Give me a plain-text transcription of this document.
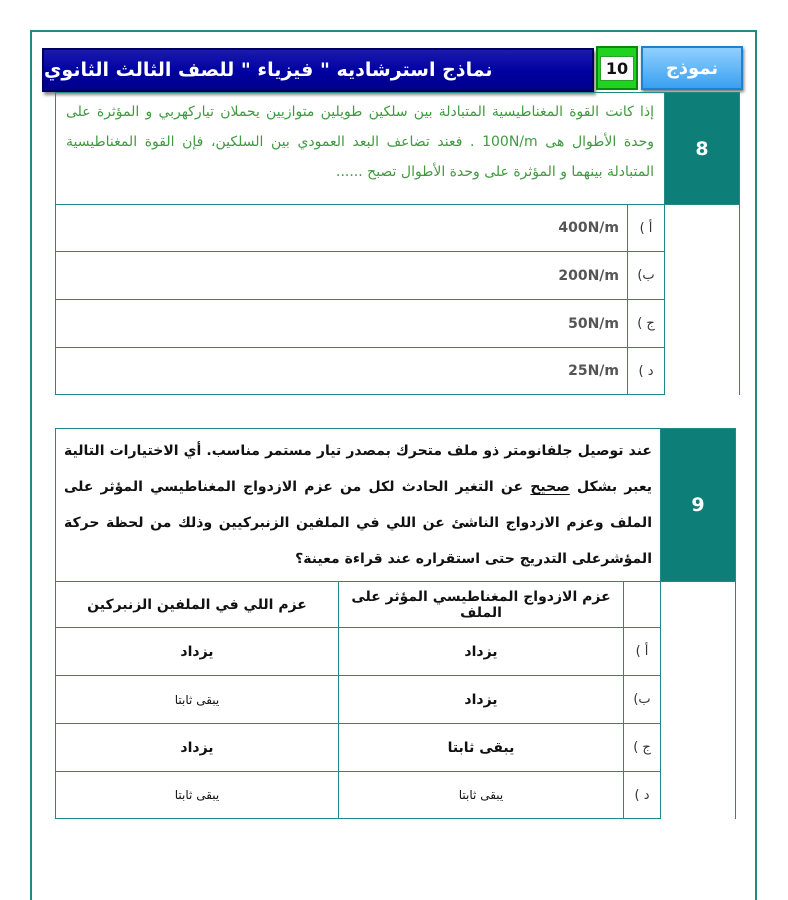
نماذج استرشاديه " فيزياء " للصف الثالث الثانوي	10	نموذج
8	إذا كانت القوة المغناطيسية المتبادلة بين سلكين طويلين متوازيين يحملان تياركهربي و المؤثرة على وحدة الأطوال هى 100N/m . فعند تضاعف البعد العمودي بين السلكين، فإن القوة المغناطيسية المتبادلة بينهما و المؤثرة على وحدة الأطوال تصبح ......	
	أ )	400N/m
	ب)	200N/m
	ج )	50N/m
	د )	25N/m
9	عند توصيل جلفانومتر ذو ملف متحرك بمصدر تيار مستمر مناسب. أي الاختيارات التالية يعبر بشكل صحيح عن التغير الحادث لكل من عزم الازدواج المغناطيسي المؤثر على الملف وعزم الازدواج الناشئ عن اللي في الملفين الزنبركيين وذلك من لحظة حركة المؤشرعلى التدريج حتى استقراره عند قراءة معينة؟		
		عزم الازدواج المغناطيسي المؤثر على الملف	عزم اللي في الملفين الزنبركين
	أ )	يزداد	يزداد
	ب)	يزداد	يبقى ثابتا
	ج )	يبقى ثابتا	يزداد
	د )	يبقى ثابتا	يبقى ثابتا
